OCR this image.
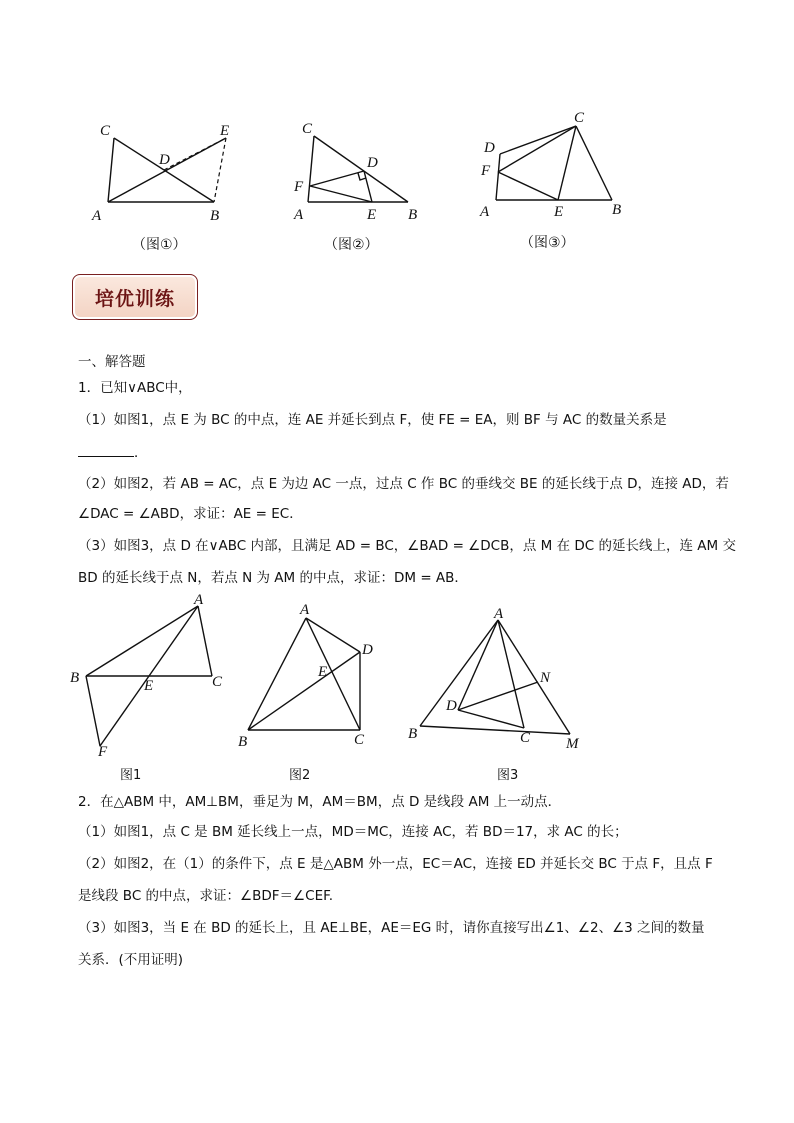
C
D
E
A	B
（图①）
C
D
F
A	E B
（图②）
C
D
F
A	E	B
（图③）
培优训练
一、解答题
1．已知∨ABC中，
（1）如图1，点 E 为 BC 的中点，连 AE 并延长到点 F，使 FE = EA，则 BF 与 AC 的数量关系是
．
（2）如图2，若 AB = AC，点 E 为边 AC 一点，过点 C 作 BC 的垂线交 BE 的延长线于点 D，连接 AD，若
∠DAC = ∠ABD，求证：AE = EC．
（3）如图3，点 D 在∨ABC 内部，且满足 AD = BC，∠BAD = ∠DCB，点 M 在 DC 的延长线上，连 AM 交
BD 的延长线于点 N，若点 N 为 AM 的中点，求证：DM = AB．
A
B	C
E
F
图1
A
D
E
B	C
图2
A
N
D
B	C M
图3
2．在△ABM 中，AM⊥BM，垂足为 M，AM＝BM，点 D 是线段 AM 上一动点．
（1）如图1，点 C 是 BM 延长线上一点，MD＝MC，连接 AC，若 BD＝17，求 AC 的长；
（2）如图2，在（1）的条件下，点 E 是△ABM 外一点，EC＝AC，连接 ED 并延长交 BC 于点 F，且点 F
是线段 BC 的中点，求证：∠BDF＝∠CEF.
（3）如图3，当 E 在 BD 的延长上，且 AE⊥BE，AE＝EG 时，请你直接写出∠1、∠2、∠3 之间的数量
关系．(不用证明)
